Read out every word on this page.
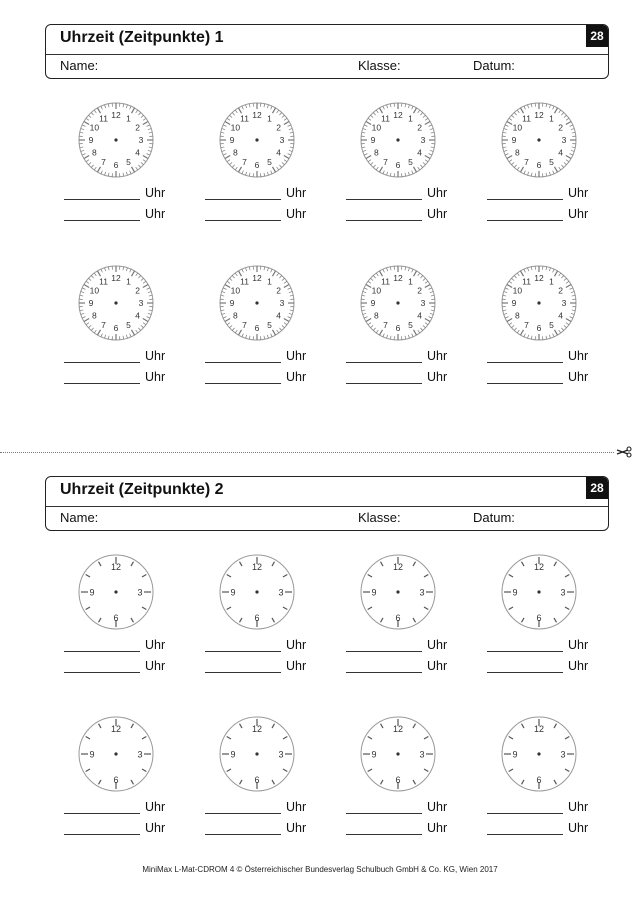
Uhrzeit (Zeitpunkte) 1	28
Name:	Klasse:	Datum:
12 1
2
3
4
5
6
7
8
9
10
11
Uhr
Uhr
12 1
2
3
4
5
6
7
8
9
10
11
Uhr
Uhr
12 1
2
3
4
5
6
7
8
9
10
11
Uhr
Uhr
12 1
2
3
4
5
6
7
8
9
10
11
Uhr
Uhr
12 1
2
3
4
5
6
7
8
9
10
11
Uhr
Uhr
12 1
2
3
4
5
6
7
8
9
10
11
Uhr
Uhr
12 1
2
3
4
5
6
7
8
9
10
11
Uhr
Uhr
12 1
2
3
4
5
6
7
8
9
10
11
Uhr
Uhr
Uhrzeit (Zeitpunkte) 2	28
Name:	Klasse:	Datum:
12
3
6
9
Uhr
Uhr
12
3
6
9
Uhr
Uhr
12
3
6
9
Uhr
Uhr
12
3
6
9
Uhr
Uhr
12
3
6
9
Uhr
Uhr
12
3
6
9
Uhr
Uhr
12
3
6
9
Uhr
Uhr
12
3
6
9
Uhr
Uhr
MiniMax L-Mat-CDROM 4 © Österreichischer Bundesverlag Schulbuch GmbH & Co. KG, Wien 2017
